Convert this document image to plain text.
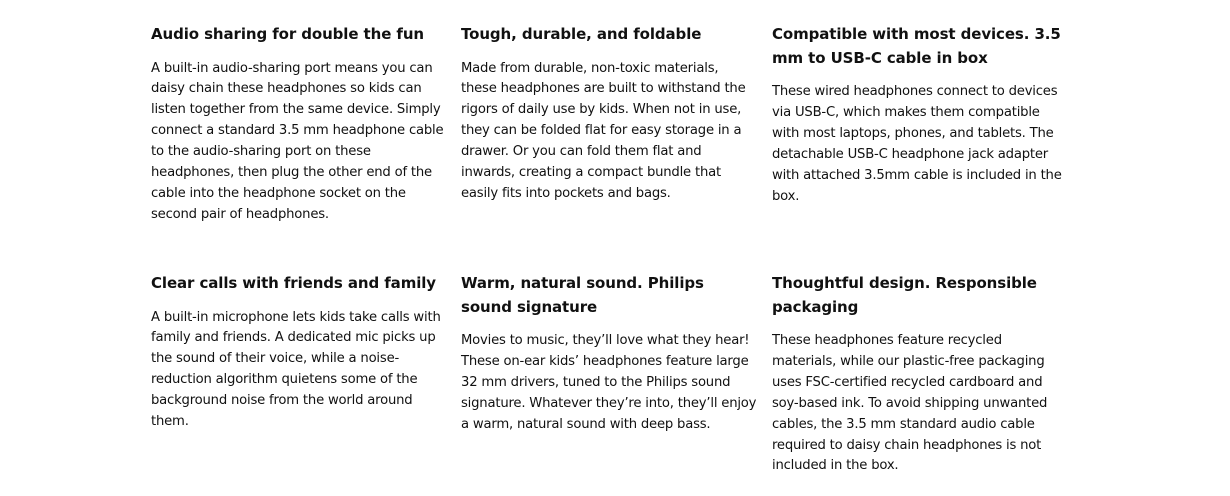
Audio sharing for double the fun

A built-in audio-sharing port means you can daisy chain these headphones so kids can listen together from the same device. Simply connect a standard 3.5 mm headphone cable to the audio-sharing port on these headphones, then plug the other end of the cable into the headphone socket on the second pair of headphones.

Tough, durable, and foldable

Made from durable, non-toxic materials, these headphones are built to withstand the rigors of daily use by kids. When not in use, they can be folded flat for easy storage in a drawer. Or you can fold them flat and inwards, creating a compact bundle that easily fits into pockets and bags.

Compatible with most devices. 3.5 mm to USB-C cable in box

These wired headphones connect to devices via USB-C, which makes them compatible with most laptops, phones, and tablets. The detachable USB-C headphone jack adapter with attached 3.5mm cable is included in the box.

Clear calls with friends and family

A built-in microphone lets kids take calls with family and friends. A dedicated mic picks up the sound of their voice, while a noise-reduction algorithm quietens some of the background noise from the world around them.

Warm, natural sound. Philips sound signature

Movies to music, they’ll love what they hear! These on-ear kids’ headphones feature large 32 mm drivers, tuned to the Philips sound signature. Whatever they’re into, they’ll enjoy a warm, natural sound with deep bass.

Thoughtful design. Responsible packaging

These headphones feature recycled materials, while our plastic-free packaging uses FSC-certified recycled cardboard and soy-based ink. To avoid shipping unwanted cables, the 3.5 mm standard audio cable required to daisy chain headphones is not included in the box.
